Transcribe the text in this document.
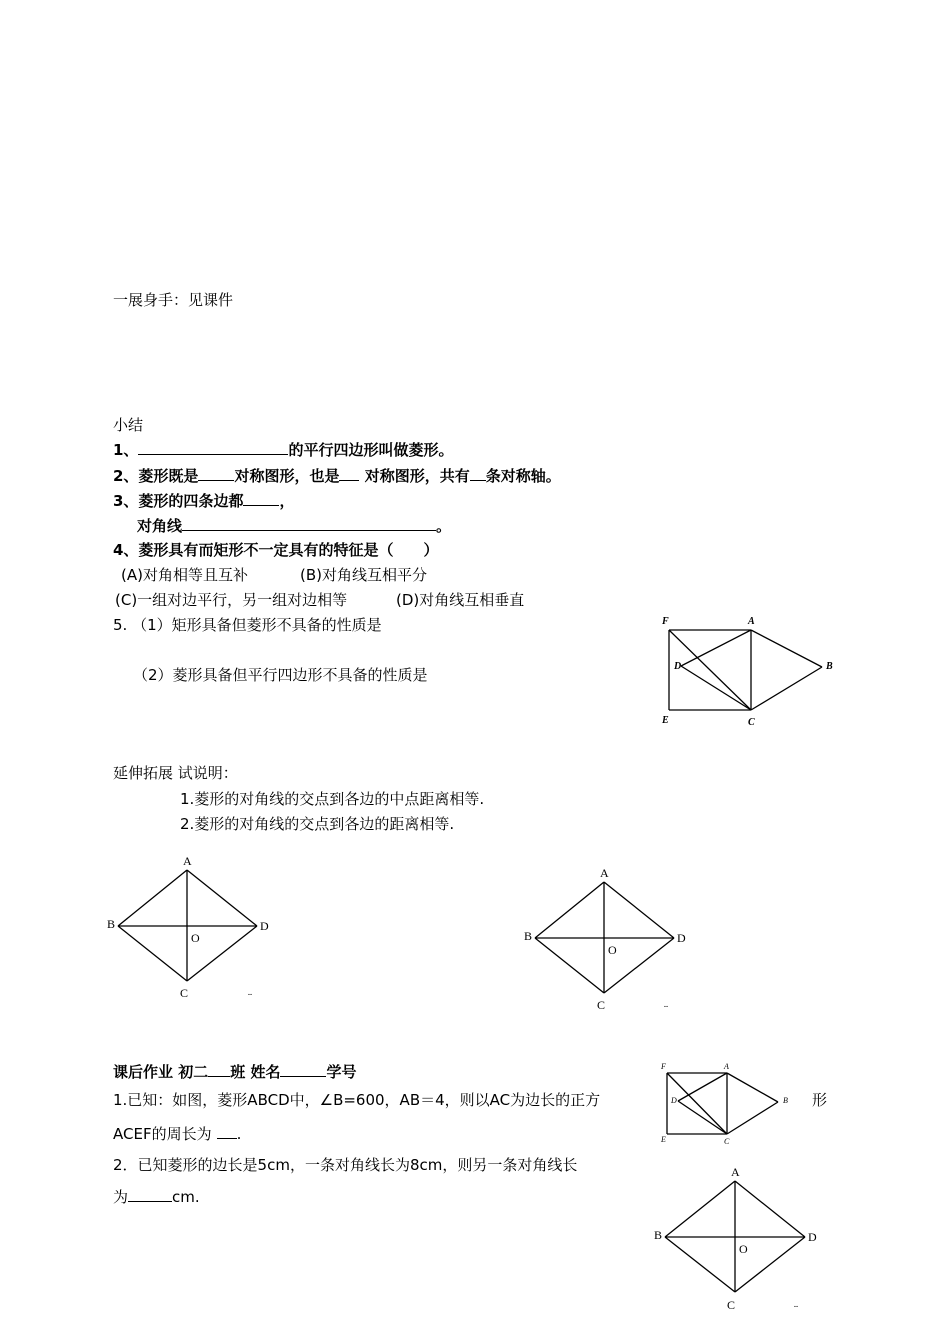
一展身手：见课件
小结
1、	的平行四边形叫做菱形。
2、菱形既是 对称图形，也是 对称图形，共有 条对称轴。
3、菱形的四条边都 ，
对角线	。
4、菱形具有而矩形不一定具有的特征是（　　）
(A)对角相等且互补	(B)对角线互相平分
(C)一组对边平行，另一组对边相等	(D)对角线互相垂直
5. （1）矩形具备但菱形不具备的性质是
（2）菱形具备但平行四边形不具备的性质是
延伸拓展 试说明：
1.菱形的对角线的交点到各边的中点距离相等.
2.菱形的对角线的交点到各边的距离相等.
课后作业 初二 班 姓名	学号
1.已知：如图，菱形ABCD中，∠B=600，AB＝4，则以AC为边长的正方	形
ACEF的周长为 .
2．已知菱形的边长是5cm，一条对角线长为8cm，则另一条对角线长
为	cm.
F	A
B
D
E	C
A
B	D
O
C	¨
A
B	D
O
C	¨
F	A
B
D
E	C
A
B	D
O
C	¨
